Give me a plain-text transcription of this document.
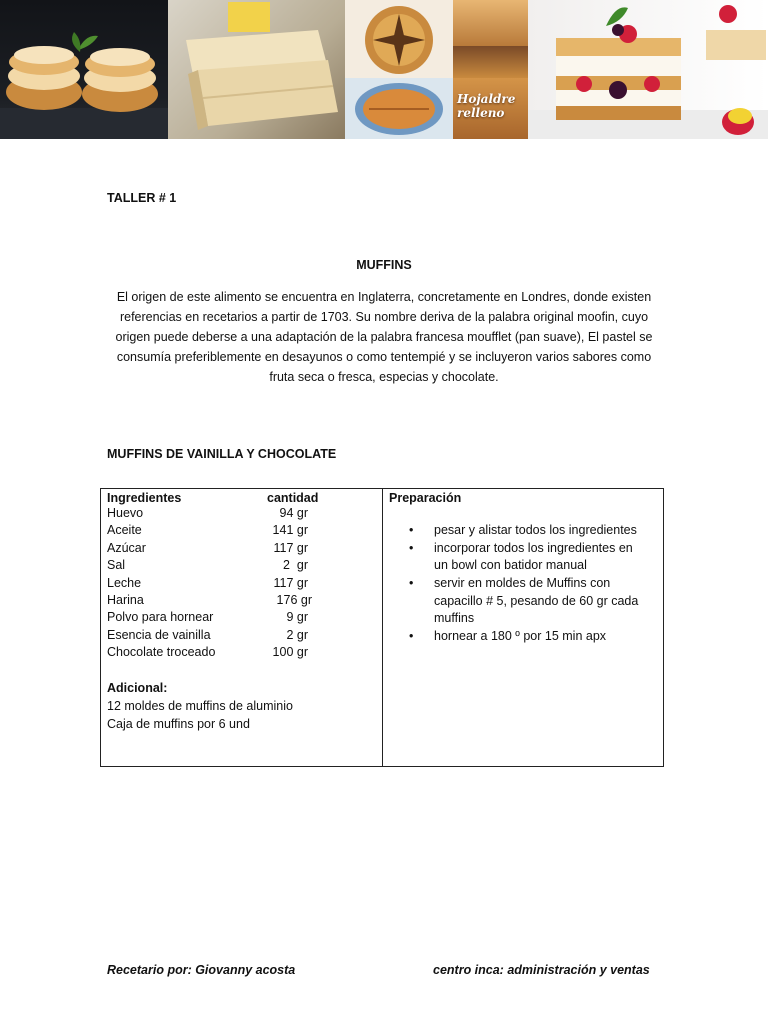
Hojaldre relleno
TALLER # 1
MUFFINS
El origen de este alimento se encuentra en Inglaterra, concretamente en Londres, donde existen referencias en recetarios a partir de 1703. Su nombre deriva de la palabra original moofin, cuyo origen puede deberse a una adaptación de la palabra francesa moufflet (pan suave), El pastel se consumía preferiblemente en desayunos o como tentempié y se incluyeron varios sabores como fruta seca o fresca, especias y chocolate.
MUFFINS DE VAINILLA Y CHOCOLATE
Ingredientes	cantidad
Huevo	94 gr
Aceite	141 gr
Azúcar	117 gr
Sal	2  gr
Leche	117 gr
Harina	176 gr
Polvo para hornear	9 gr
Esencia de vainilla	2 gr
Chocolate troceado	100 gr
Adicional:
12 moldes de muffins de aluminio
Caja de muffins por 6 und
Preparación
• pesar y alistar todos los ingredientes
• incorporar todos los ingredientes en un bowl con batidor manual
• servir en moldes de Muffins con capacillo # 5, pesando de 60 gr cada muffins
• hornear a 180 º por 15 min apx
Recetario por: Giovanny acosta	centro inca: administración y ventas
